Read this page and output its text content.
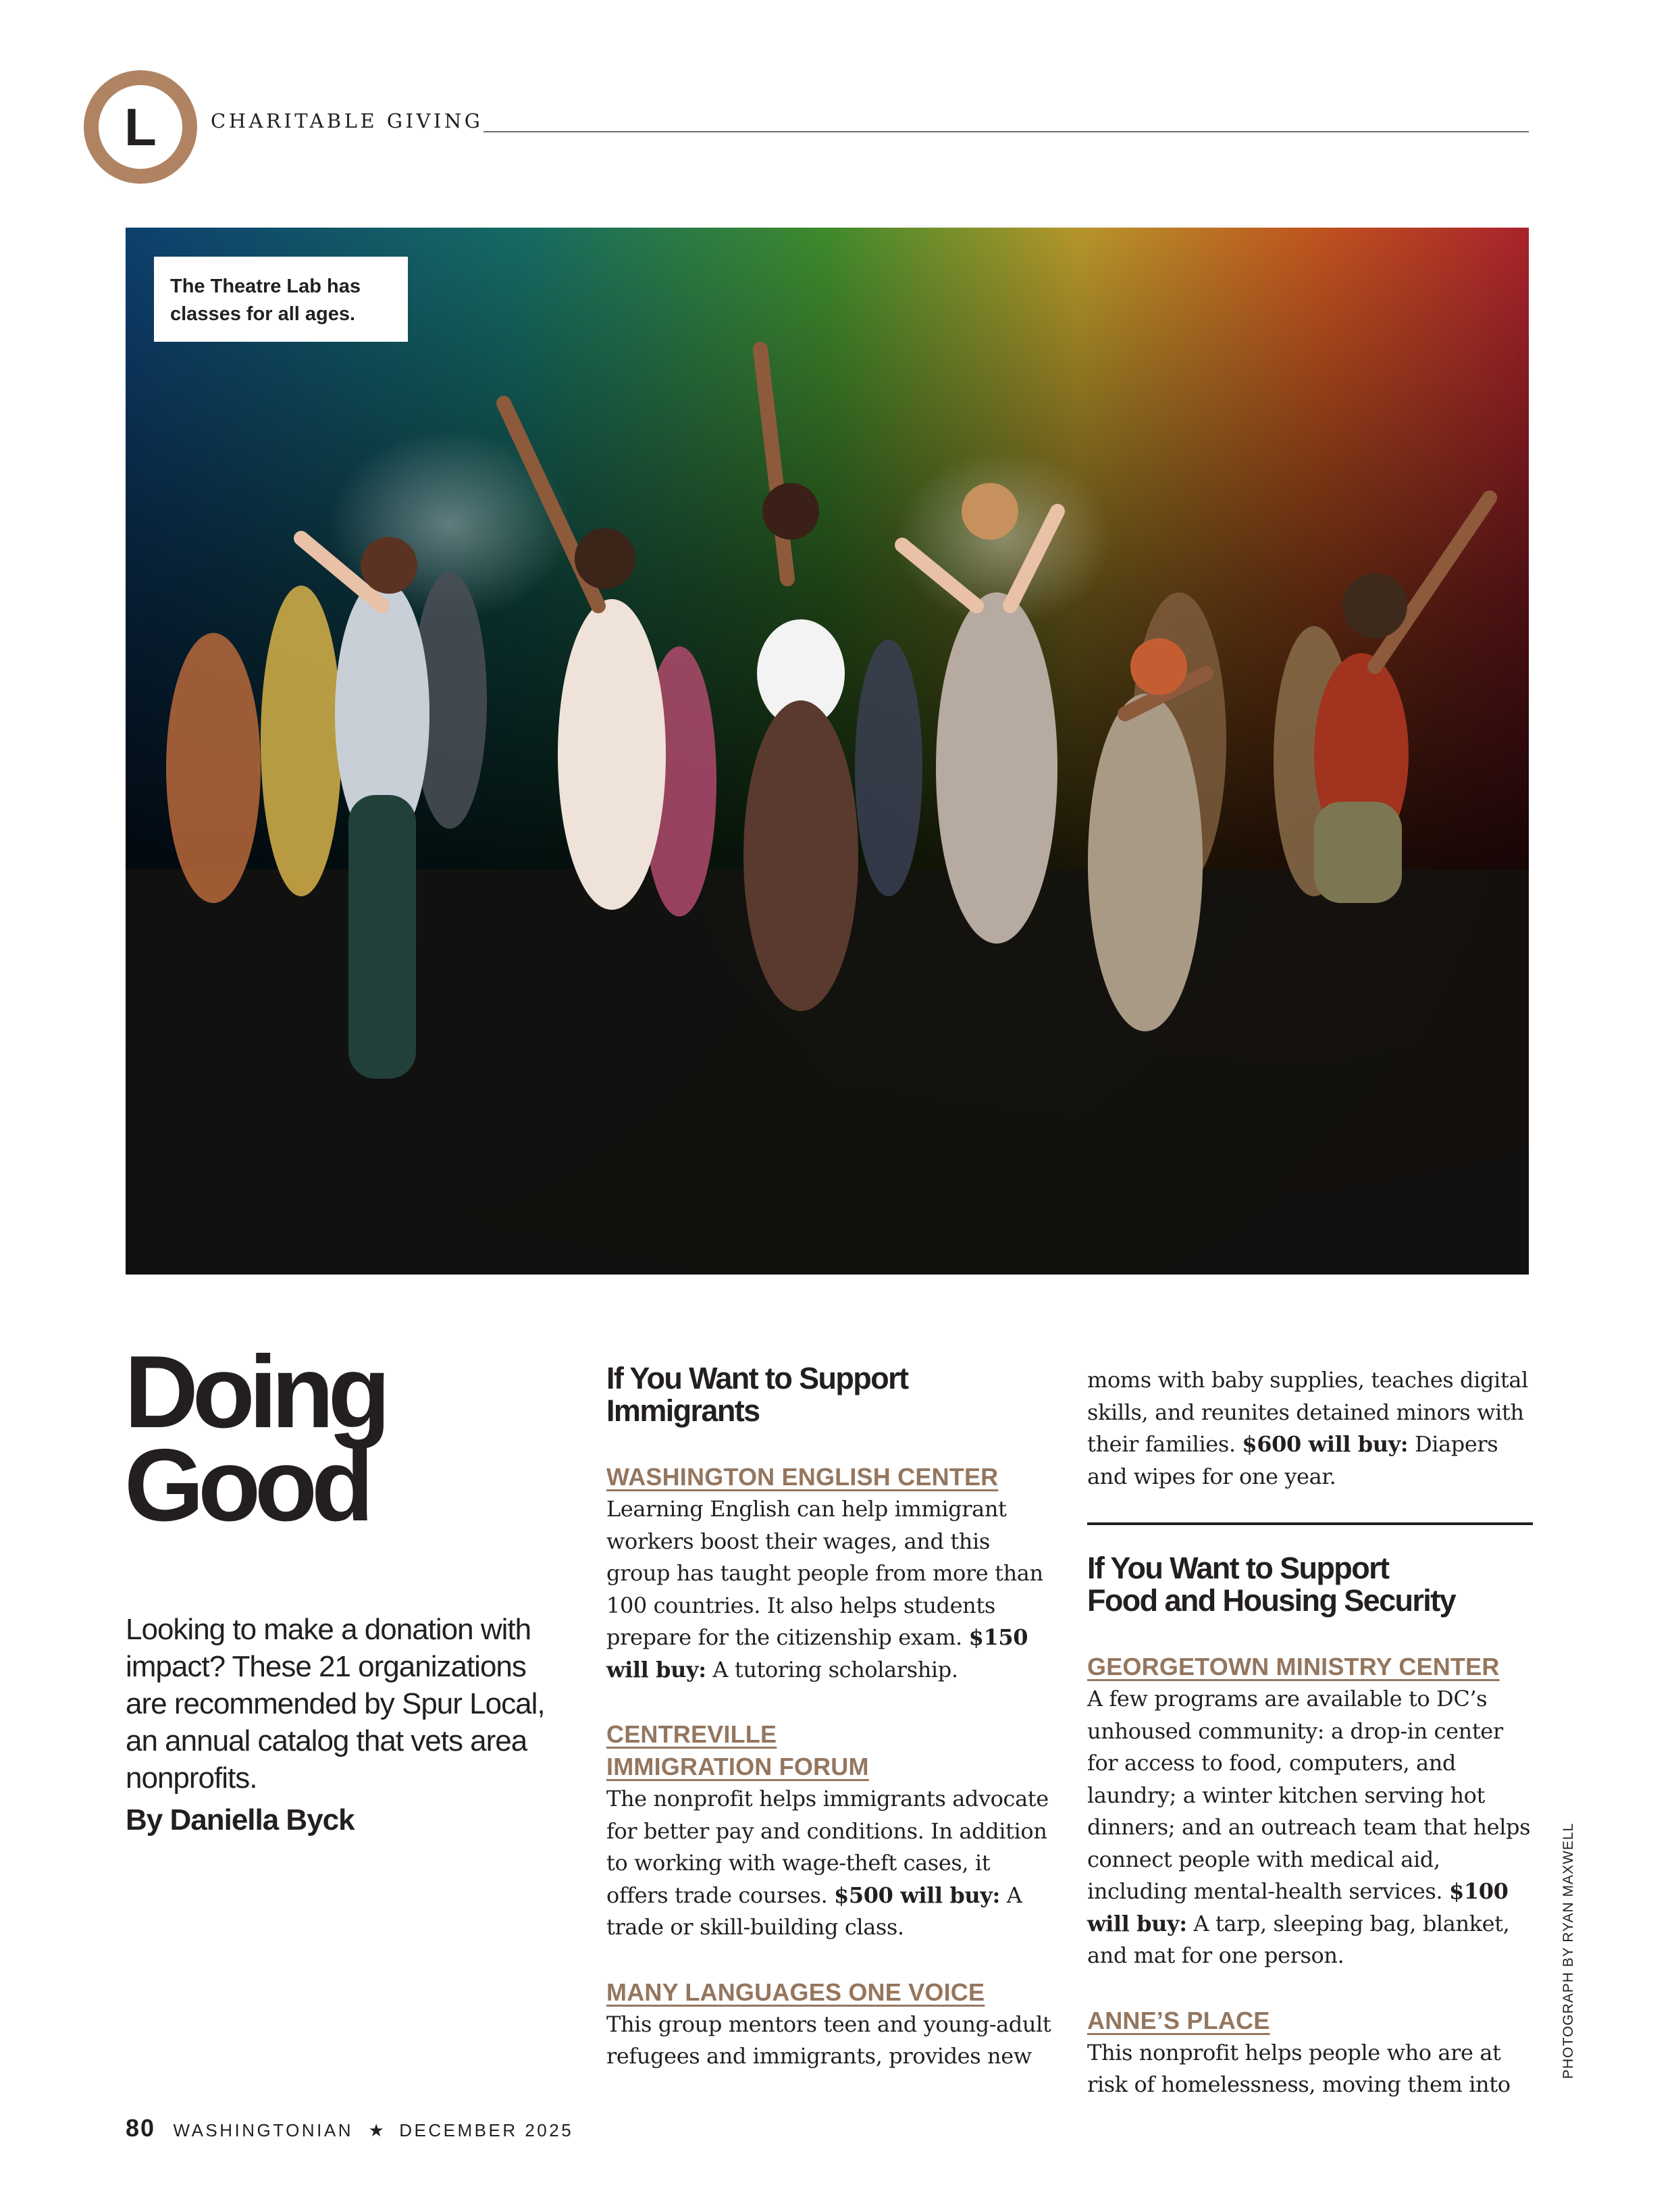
L	CHARITABLE GIVING
The Theatre Lab has
classes for all ages.
Doing
Good
Looking to make a donation with impact? These 21 organizations are recommended by Spur Local, an annual catalog that vets area nonprofits.
By Daniella Byck
If You Want to Support
Immigrants
WASHINGTON ENGLISH CENTER

Learning English can help immigrant workers boost their wages, and this group has taught people from more than 100 countries. It also helps students prepare for the citizenship exam. $150 will buy: A tutoring scholarship.

CENTREVILLE
IMMIGRATION FORUM

The nonprofit helps immigrants advocate for better pay and conditions. In addition to working with wage-theft cases, it offers trade courses. $500 will buy: A trade or skill-building class.

MANY LANGUAGES ONE VOICE

This group mentors teen and young-adult refugees and immigrants, provides new

moms with baby supplies, teaches digital skills, and reunites detained minors with their families. $600 will buy: Diapers and wipes for one year.

If You Want to Support
Food and Housing Security
GEORGETOWN MINISTRY CENTER

A few programs are available to DC’s unhoused community: a drop-in center for access to food, computers, and laundry; a winter kitchen serving hot dinners; and an outreach team that helps connect people with medical aid, including mental-health services. $100 will buy: A tarp, sleeping bag, blanket, and mat for one person.

ANNE’S PLACE

This nonprofit helps people who are at risk of homelessness, moving them into

PHOTOGRAPH BY RYAN MAXWELL
80 WASHINGTONIAN ★ DECEMBER 2025
